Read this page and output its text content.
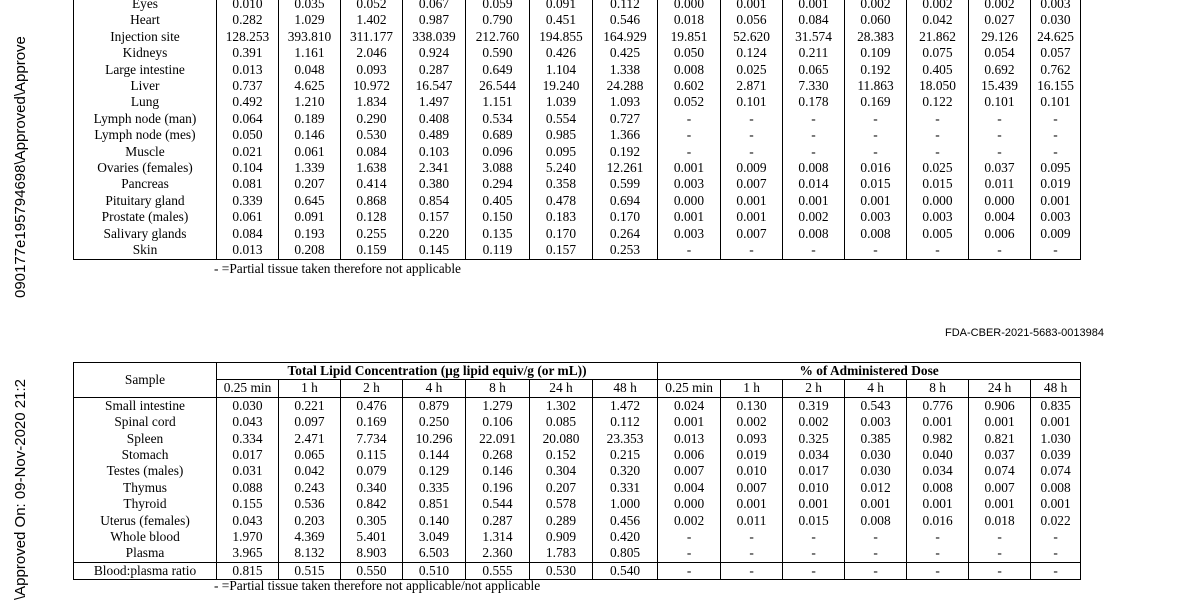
090177e195794698\Approved\Approve
\Approved On: 09-Nov-2020 21:2
Eyes	0.010	0.035	0.052	0.067	0.059	0.091	0.112	0.000	0.001	0.001	0.002	0.002	0.002	0.003
Heart	0.282	1.029	1.402	0.987	0.790	0.451	0.546	0.018	0.056	0.084	0.060	0.042	0.027	0.030
Injection site	128.253	393.810	311.177	338.039	212.760	194.855	164.929	19.851	52.620	31.574	28.383	21.862	29.126	24.625
Kidneys	0.391	1.161	2.046	0.924	0.590	0.426	0.425	0.050	0.124	0.211	0.109	0.075	0.054	0.057
Large intestine	0.013	0.048	0.093	0.287	0.649	1.104	1.338	0.008	0.025	0.065	0.192	0.405	0.692	0.762
Liver	0.737	4.625	10.972	16.547	26.544	19.240	24.288	0.602	2.871	7.330	11.863	18.050	15.439	16.155
Lung	0.492	1.210	1.834	1.497	1.151	1.039	1.093	0.052	0.101	0.178	0.169	0.122	0.101	0.101
Lymph node (man)	0.064	0.189	0.290	0.408	0.534	0.554	0.727	-	-	-	-	-	-	-
Lymph node (mes)	0.050	0.146	0.530	0.489	0.689	0.985	1.366	-	-	-	-	-	-	-
Muscle	0.021	0.061	0.084	0.103	0.096	0.095	0.192	-	-	-	-	-	-	-
Ovaries (females)	0.104	1.339	1.638	2.341	3.088	5.240	12.261	0.001	0.009	0.008	0.016	0.025	0.037	0.095
Pancreas	0.081	0.207	0.414	0.380	0.294	0.358	0.599	0.003	0.007	0.014	0.015	0.015	0.011	0.019
Pituitary gland	0.339	0.645	0.868	0.854	0.405	0.478	0.694	0.000	0.001	0.001	0.001	0.000	0.000	0.001
Prostate (males)	0.061	0.091	0.128	0.157	0.150	0.183	0.170	0.001	0.001	0.002	0.003	0.003	0.004	0.003
Salivary glands	0.084	0.193	0.255	0.220	0.135	0.170	0.264	0.003	0.007	0.008	0.008	0.005	0.006	0.009
Skin	0.013	0.208	0.159	0.145	0.119	0.157	0.253	-	-	-	-	-	-	-
- =Partial tissue taken therefore not applicable
FDA-CBER-2021-5683-0013984
Sample	Total Lipid Concentration (µg lipid equiv/g (or mL))							% of Administered Dose						
	0.25 min	1 h	2 h	4 h	8 h	24 h	48 h	0.25 min	1 h	2 h	4 h	8 h	24 h	48 h
Small intestine	0.030	0.221	0.476	0.879	1.279	1.302	1.472	0.024	0.130	0.319	0.543	0.776	0.906	0.835
Spinal cord	0.043	0.097	0.169	0.250	0.106	0.085	0.112	0.001	0.002	0.002	0.003	0.001	0.001	0.001
Spleen	0.334	2.471	7.734	10.296	22.091	20.080	23.353	0.013	0.093	0.325	0.385	0.982	0.821	1.030
Stomach	0.017	0.065	0.115	0.144	0.268	0.152	0.215	0.006	0.019	0.034	0.030	0.040	0.037	0.039
Testes (males)	0.031	0.042	0.079	0.129	0.146	0.304	0.320	0.007	0.010	0.017	0.030	0.034	0.074	0.074
Thymus	0.088	0.243	0.340	0.335	0.196	0.207	0.331	0.004	0.007	0.010	0.012	0.008	0.007	0.008
Thyroid	0.155	0.536	0.842	0.851	0.544	0.578	1.000	0.000	0.001	0.001	0.001	0.001	0.001	0.001
Uterus (females)	0.043	0.203	0.305	0.140	0.287	0.289	0.456	0.002	0.011	0.015	0.008	0.016	0.018	0.022
Whole blood	1.970	4.369	5.401	3.049	1.314	0.909	0.420	-	-	-	-	-	-	-
Plasma	3.965	8.132	8.903	6.503	2.360	1.783	0.805	-	-	-	-	-	-	-
Blood:plasma ratio	0.815	0.515	0.550	0.510	0.555	0.530	0.540	-	-	-	-	-	-	-
- =Partial tissue taken therefore not applicable/not applicable
